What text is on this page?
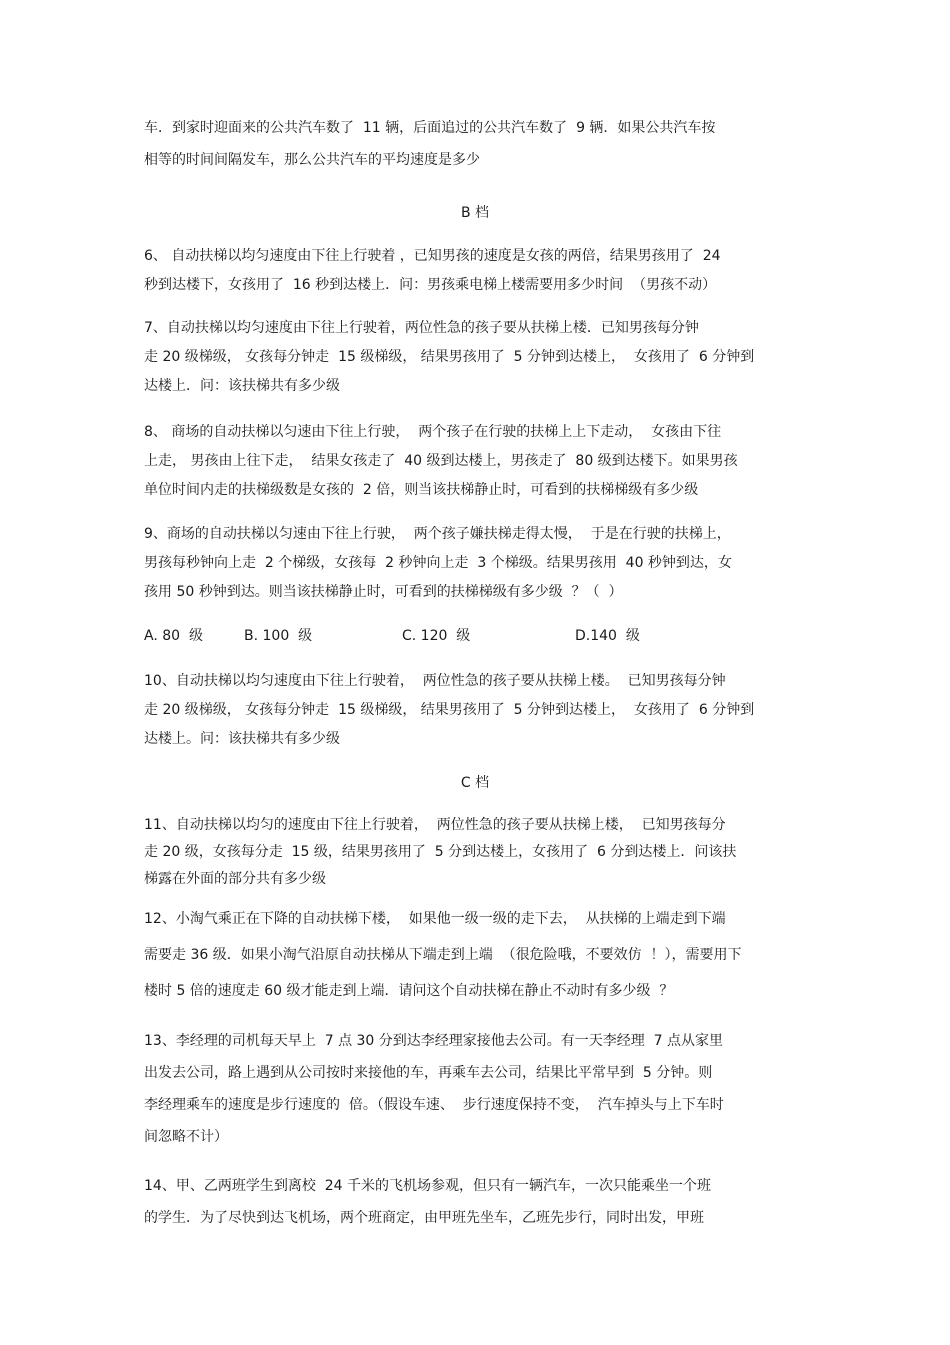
车．到家时迎面来的公共汽车数了  11 辆，后面追过的公共汽车数了  9 辆．如果公共汽车按
相等的时间间隔发车，那么公共汽车的平均速度是多少
B 档
6、 自动扶梯以均匀速度由下往上行驶着 ，已知男孩的速度是女孩的两倍，结果男孩用了  24
秒到达楼下，女孩用了  16 秒到达楼上．问：男孩乘电梯上楼需要用多少时间  （男孩不动）
7、自动扶梯以均匀速度由下往上行驶着，两位性急的孩子要从扶梯上楼．已知男孩每分钟
走 20 级梯级， 女孩每分钟走  15 级梯级， 结果男孩用了  5 分钟到达楼上，  女孩用了  6 分钟到
达楼上．问：该扶梯共有多少级
8、 商场的自动扶梯以匀速由下往上行驶，  两个孩子在行驶的扶梯上上下走动，  女孩由下往
上走， 男孩由上往下走，  结果女孩走了  40 级到达楼上，男孩走了  80 级到达楼下。如果男孩
单位时间内走的扶梯级数是女孩的  2 倍，则当该扶梯静止时，可看到的扶梯梯级有多少级
9、商场的自动扶梯以匀速由下往上行驶，  两个孩子嫌扶梯走得太慢，  于是在行驶的扶梯上，
男孩每秒钟向上走  2 个梯级，女孩每  2 秒钟向上走  3 个梯级。结果男孩用  40 秒钟到达，女
孩用 50 秒钟到达。则当该扶梯静止时，可看到的扶梯梯级有多少级  ？（  ）
A. 80  级	B. 100  级	C. 120  级	D.140  级
10、自动扶梯以均匀速度由下往上行驶着，  两位性急的孩子要从扶梯上楼。  已知男孩每分钟
走 20 级梯级， 女孩每分钟走  15 级梯级， 结果男孩用了  5 分钟到达楼上，  女孩用了  6 分钟到
达楼上。问：该扶梯共有多少级
C 档
11、自动扶梯以均匀的速度由下往上行驶着，  两位性急的孩子要从扶梯上楼，  已知男孩每分
走 20 级，女孩每分走  15 级，结果男孩用了  5 分到达楼上，女孩用了  6 分到达楼上．问该扶
梯露在外面的部分共有多少级
12、小淘气乘正在下降的自动扶梯下楼，  如果他一级一级的走下去，  从扶梯的上端走到下端
需要走 36 级．如果小淘气沿原自动扶梯从下端走到上端  （很危险哦，不要效仿  ！），需要用下
楼时 5 倍的速度走 60 级才能走到上端．请问这个自动扶梯在静止不动时有多少级  ？
13、李经理的司机每天早上  7 点 30 分到达李经理家接他去公司。有一天李经理  7 点从家里
出发去公司，路上遇到从公司按时来接他的车，再乘车去公司，结果比平常早到  5 分钟。则
李经理乘车的速度是步行速度的  倍。（假设车速、  步行速度保持不变，  汽车掉头与上下车时
间忽略不计）
14、甲、乙两班学生到离校  24 千米的飞机场参观，但只有一辆汽车，一次只能乘坐一个班
的学生．为了尽快到达飞机场，两个班商定，由甲班先坐车，乙班先步行，同时出发，甲班
